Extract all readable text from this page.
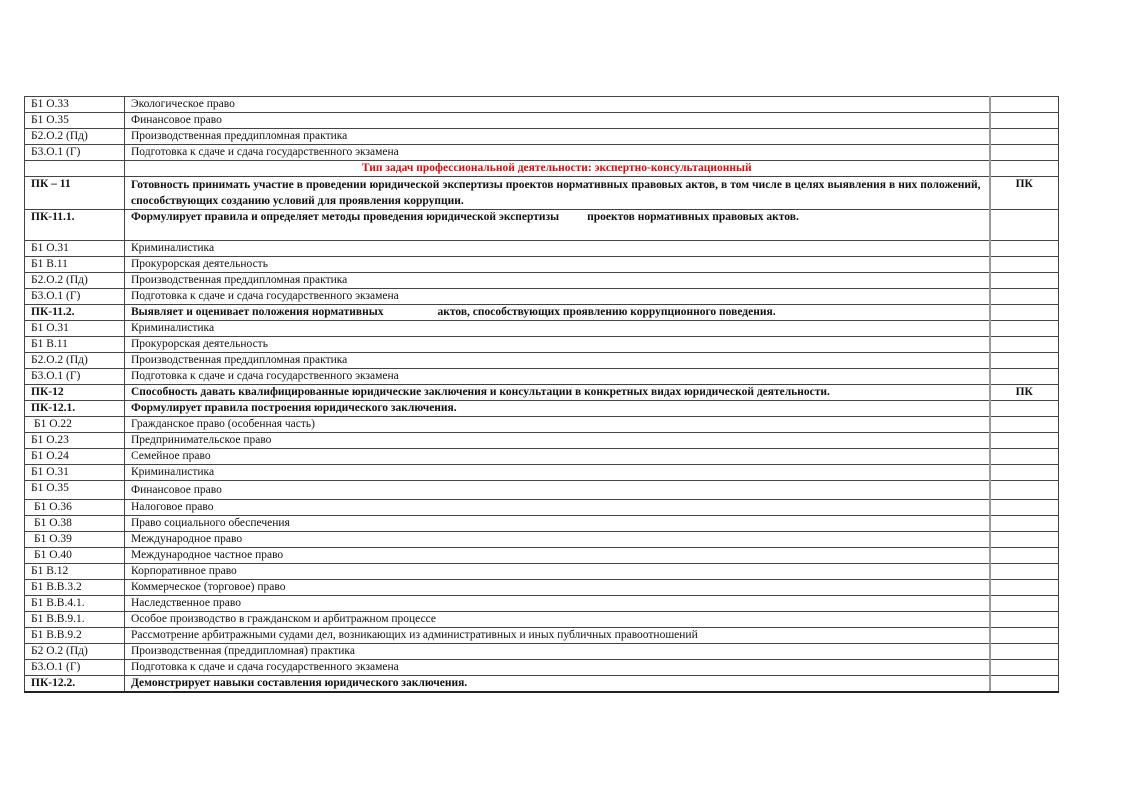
Б1 О.33	Экологическое право	
Б1 О.35	Финансовое право	
Б2.О.2 (Пд)	Производственная преддипломная практика	
Б3.О.1 (Г)	Подготовка к сдаче и сдача государственного экзамена	
	Тип задач профессиональной деятельности: экспертно-консультационный	
ПК – 11	Готовность принимать участие в проведении юридической экспертизы проектов нормативных правовых актов, в том числе в целях выявления в них положений, способствующих созданию условий для проявления коррупции.	ПК
ПК-11.1.	Формулирует правила и определяет методы проведения юридической экспертизы проектов нормативных правовых актов.	
Б1 О.31	Криминалистика	
Б1 В.11	Прокурорская деятельность	
Б2.О.2 (Пд)	Производственная преддипломная практика	
Б3.О.1 (Г)	Подготовка к сдаче и сдача государственного экзамена	
ПК-11.2.	Выявляет и оценивает положения нормативных актов, способствующих проявлению коррупционного поведения.	
Б1 О.31	Криминалистика	
Б1 В.11	Прокурорская деятельность	
Б2.О.2 (Пд)	Производственная преддипломная практика	
Б3.О.1 (Г)	Подготовка к сдаче и сдача государственного экзамена	
ПК-12	Способность давать квалифицированные юридические заключения и консультации в конкретных видах юридической деятельности.	ПК
ПК-12.1.	Формулирует правила построения юридического заключения.	
Б1 О.22	Гражданское право (особенная часть)	
Б1 О.23	Предпринимательское право	
Б1 О.24	Семейное право	
Б1 О.31	Криминалистика	
Б1 О.35	Финансовое право	
Б1 О.36	Налоговое право	
Б1 О.38	Право социального обеспечения	
Б1 О.39	Международное право	
Б1 О.40	Международное частное право	
Б1 В.12	Корпоративное право	
Б1 В.В.3.2	Коммерческое (торговое) право	
Б1 В.В.4.1.	Наследственное право	
Б1 В.В.9.1.	Особое производство в гражданском и арбитражном процессе	
Б1 В.В.9.2	Рассмотрение арбитражными судами дел, возникающих из административных и иных публичных правоотношений	
Б2 О.2 (Пд)	Производственная (преддипломная) практика	
Б3.О.1 (Г)	Подготовка к сдаче и сдача государственного экзамена	
ПК-12.2.	Демонстрирует навыки составления юридического заключения.	
